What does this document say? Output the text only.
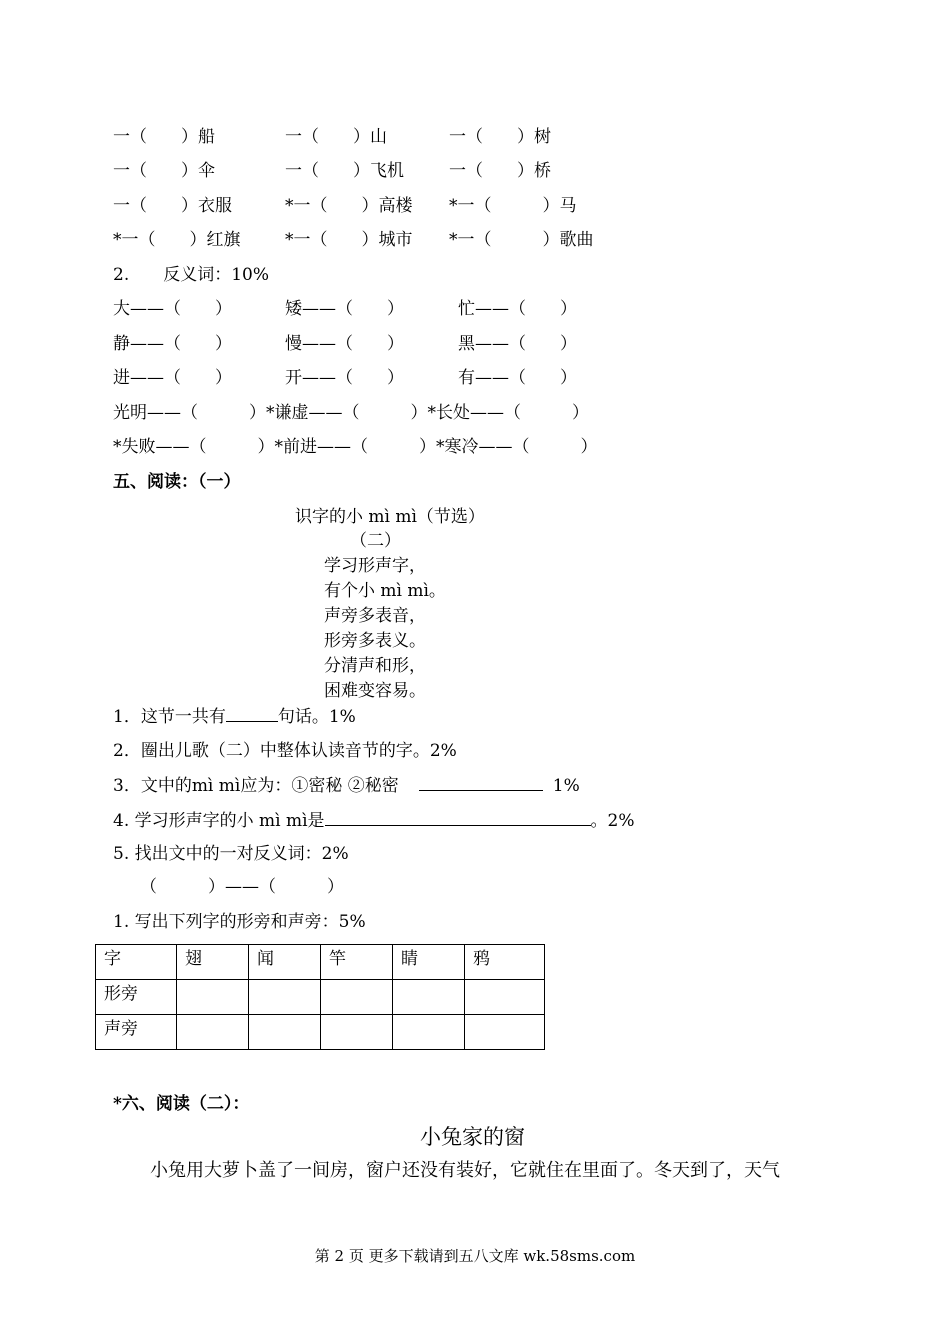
一（　　）船	一（　　）山	一（　　）树
一（　　）伞	一（　　）飞机	一（　　）桥
一（　　）衣服	*一（　　）高楼 *一（　　　）马
*一（　　）红旗	*一（　　）城市 *一（　　　）歌曲
2.　　反义词：10%
大——（　　）	矮——（　　）	忙——（　　）
静——（　　）	慢——（　　）	黑——（　　）
进——（　　）	开——（　　）	有——（　　）
光明——（　　　）*谦虚——（　　　）*长处——（　　　）
*失败——（　　　）*前进——（　　　）*寒冷——（　　　）
五、阅读：（一）
识字的小 mì mì（节选）
（二）
学习形声字，
有个小 mì mì。
声旁多表音，
形旁多表义。
分清声和形，
困难变容易。
1．这节一共有	句话。1%
2．圈出儿歌（二）中整体认读音节的字。2%
3．文中的mì mì应为：①密秘 ②秘密	1%
4. 学习形声字的小 mì mì是	。2%
5. 找出文中的一对反义词：2%
（　　　）——（　　　）
1. 写出下列字的形旁和声旁：5%
字	翅	闻	竿	睛	鸦
形旁					
声旁					
*六、阅读（二）：
小兔家的窗
小兔用大萝卜盖了一间房，窗户还没有装好，它就住在里面了。冬天到了，天气
第 2 页 更多下载请到五八文库 wk.58sms.com
